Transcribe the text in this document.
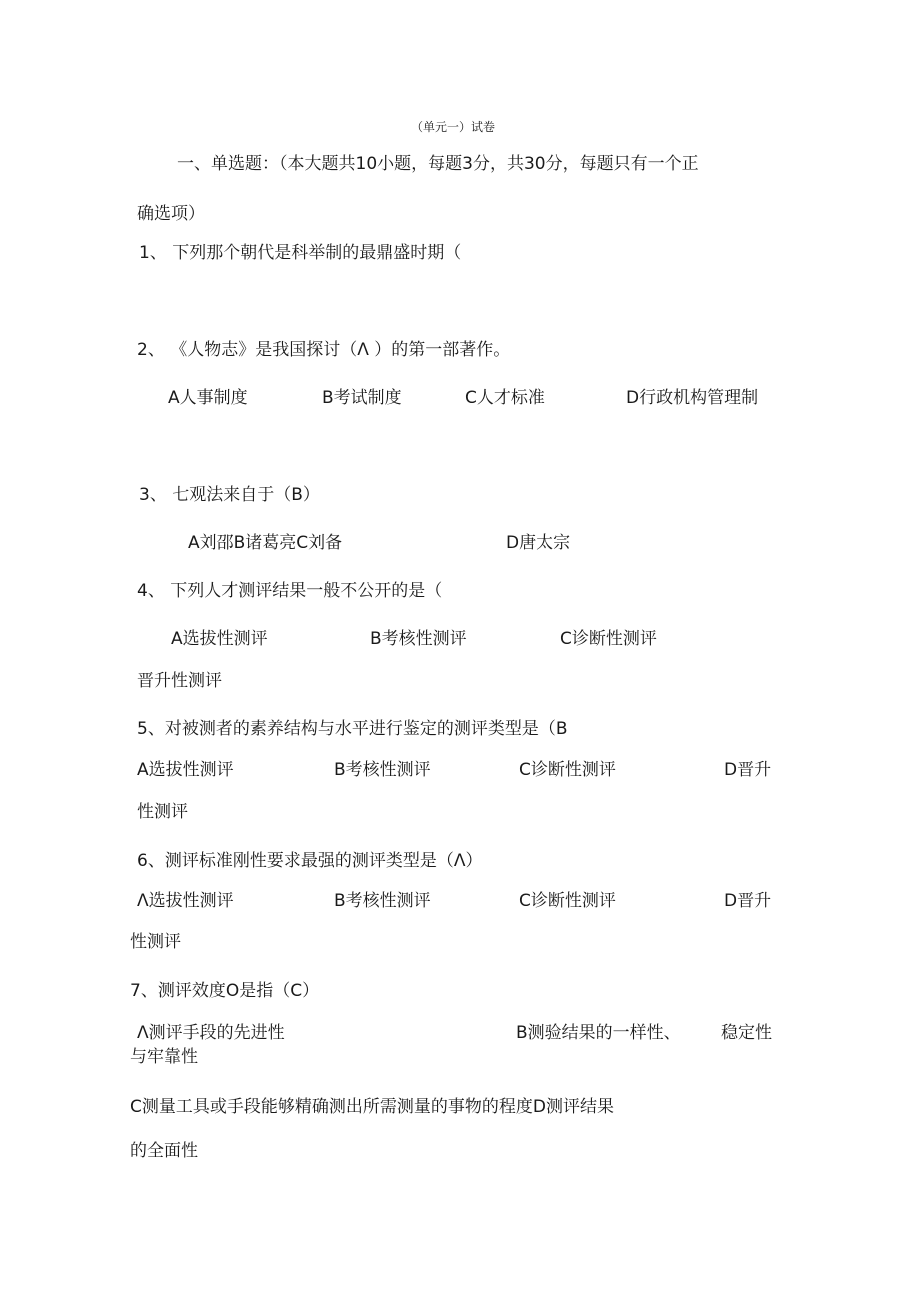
（单元一）试卷
一、单选题：（本大题共10小题，每题3分，共30分，每题只有一个正
确选项）
1、 下列那个朝代是科举制的最鼎盛时期（
2、 《人物志》是我国探讨（Λ ）的第一部著作。
A人事制度	B考试制度	C人才标准	D行政机构管理制
3、 七观法来自于（B）
A刘邵B诸葛亮C刘备	D唐太宗
4、 下列人才测评结果一般不公开的是（
A选拔性测评	B考核性测评	C诊断性测评
晋升性测评
5、对被测者的素养结构与水平进行鉴定的测评类型是（B
A选拔性测评	B考核性测评	C诊断性测评	D晋升
性测评
6、测评标准刚性要求最强的测评类型是（Λ）
Λ选拔性测评	B考核性测评	C诊断性测评	D晋升
性测评
7、测评效度O是指（C）
Λ测评手段的先进性	B测验结果的一样性、 稳定性
与牢靠性
C测量工具或手段能够精确测出所需测量的事物的程度D测评结果
的全面性
